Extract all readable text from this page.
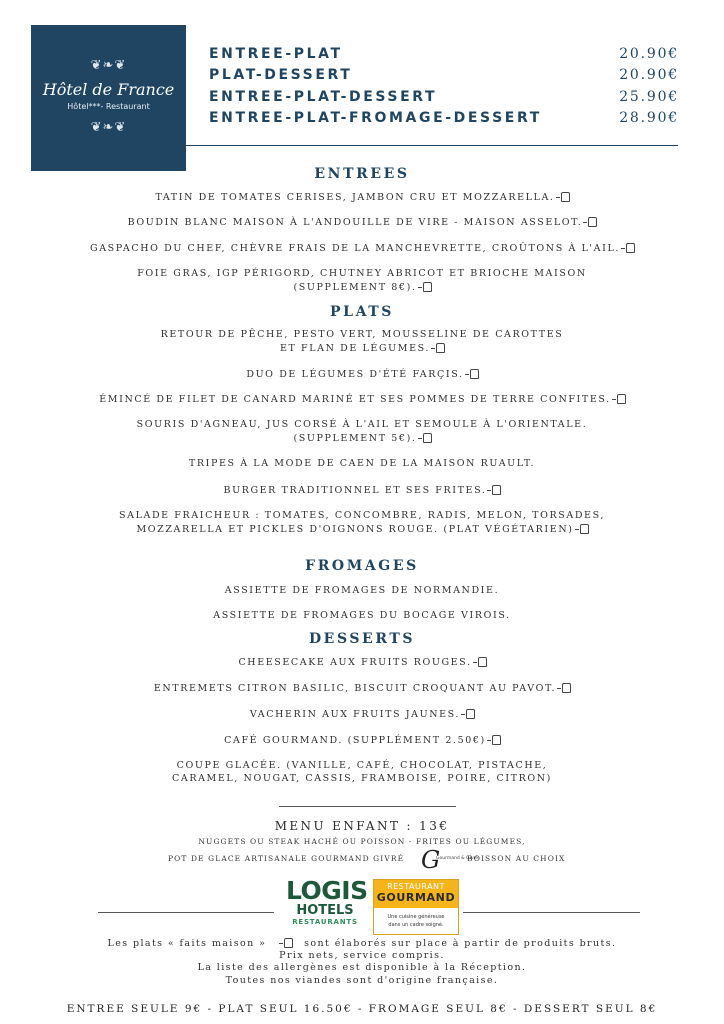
❦❧❦
Hôtel de France
Hôtel***- Restaurant
❦❧❦
ENTREE-PLAT	20.90€
PLAT-DESSERT	20.90€
ENTREE-PLAT-DESSERT	25.90€
ENTREE-PLAT-FROMAGE-DESSERT	28.90€
ENTREES
TATIN DE TOMATES CERISES, JAMBON CRU ET MOZZARELLA.
BOUDIN BLANC MAISON À L'ANDOUILLE DE VIRE - MAISON ASSELOT.
GASPACHO DU CHEF, CHÈVRE FRAIS DE LA MANCHEVRETTE, CROÛTONS À L'AIL.
FOIE GRAS, IGP PÉRIGORD, CHUTNEY ABRICOT ET BRIOCHE MAISON
(SUPPLEMENT 8€).
PLATS
RETOUR DE PÊCHE, PESTO VERT, MOUSSELINE DE CAROTTES
ET FLAN DE LÉGUMES.
DUO DE LÉGUMES D'ÉTÉ FARÇIS.
ÉMINCÉ DE FILET DE CANARD MARINÉ ET SES POMMES DE TERRE CONFITES.
SOURIS D'AGNEAU, JUS CORSÉ À L'AIL ET SEMOULE À L'ORIENTALE.
(SUPPLEMENT 5€).
TRIPES À LA MODE DE CAEN DE LA MAISON RUAULT.
BURGER TRADITIONNEL ET SES FRITES.
SALADE FRAICHEUR : TOMATES, CONCOMBRE, RADIS, MELON, TORSADES,
MOZZARELLA ET PICKLES D'OIGNONS ROUGE. (PLAT VÉGÉTARIEN)
FROMAGES
ASSIETTE DE FROMAGES DE NORMANDIE.
ASSIETTE DE FROMAGES DU BOCAGE VIROIS.
DESSERTS
CHEESECAKE AUX FRUITS ROUGES.
ENTREMETS CITRON BASILIC, BISCUIT CROQUANT AU PAVOT.
VACHERIN AUX FRUITS JAUNES.
CAFÉ GOURMAND. (SUPPLÉMENT 2.50€)
COUPE GLACÉE. (VANILLE, CAFÉ, CHOCOLAT, PISTACHE,
CARAMEL, NOUGAT, CASSIS, FRAMBOISE, POIRE, CITRON)
MENU ENFANT : 13€
NUGGETS OU STEAK HACHÉ OU POISSON - FRITES OU LÉGUMES,
POT DE GLACE ARTISANALE GOURMAND GIVRÉ G
Gourmand & Givré
BOISSON AU CHOIX
LOGIS
HOTELS
RESTAURANTS
RESTAURANT
GOURMAND
Une cuisine généreuse
dans un cadre soigné.
Les plats « faits maison »	sont élaborés sur place à partir de produits bruts.
Prix nets, service compris.
La liste des allergènes est disponible à la Réception.
Toutes nos viandes sont d'origine française.
ENTREE SEULE 9€ - PLAT SEUL 16.50€ - FROMAGE SEUL 8€ - DESSERT SEUL 8€
